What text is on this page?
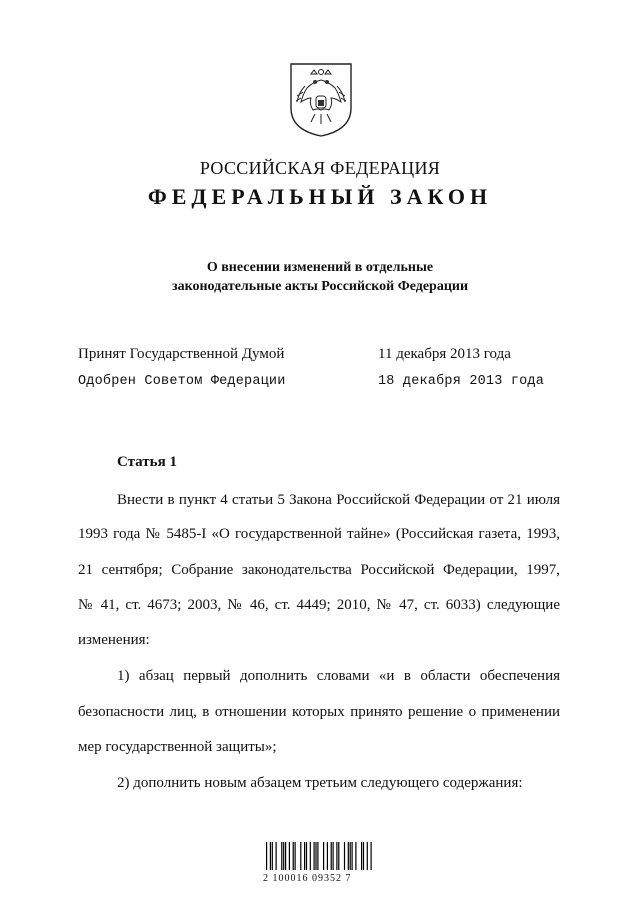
РОССИЙСКАЯ ФЕДЕРАЦИЯ
ФЕДЕРАЛЬНЫЙ ЗАКОН
О внесении изменений в отдельные
законодательные акты Российской Федерации
Принят Государственной Думой	11 декабря 2013 года
Одобрен Советом Федерации	18 декабря 2013 года
Статья 1
Внести в пункт 4 статьи 5 Закона Российской Федерации от 21 июля
1993 года № 5485-I «О государственной тайне» (Российская газета, 1993,
21 сентября; Собрание законодательства Российской Федерации, 1997,
№ 41, ст. 4673; 2003, № 46, ст. 4449; 2010, № 47, ст. 6033) следующие
изменения:
1) абзац первый дополнить словами «и в области обеспечения
безопасности лиц, в отношении которых принято решение о применении
мер государственной защиты»;
2) дополнить новым абзацем третьим следующего содержания:
2 100016 09352 7
